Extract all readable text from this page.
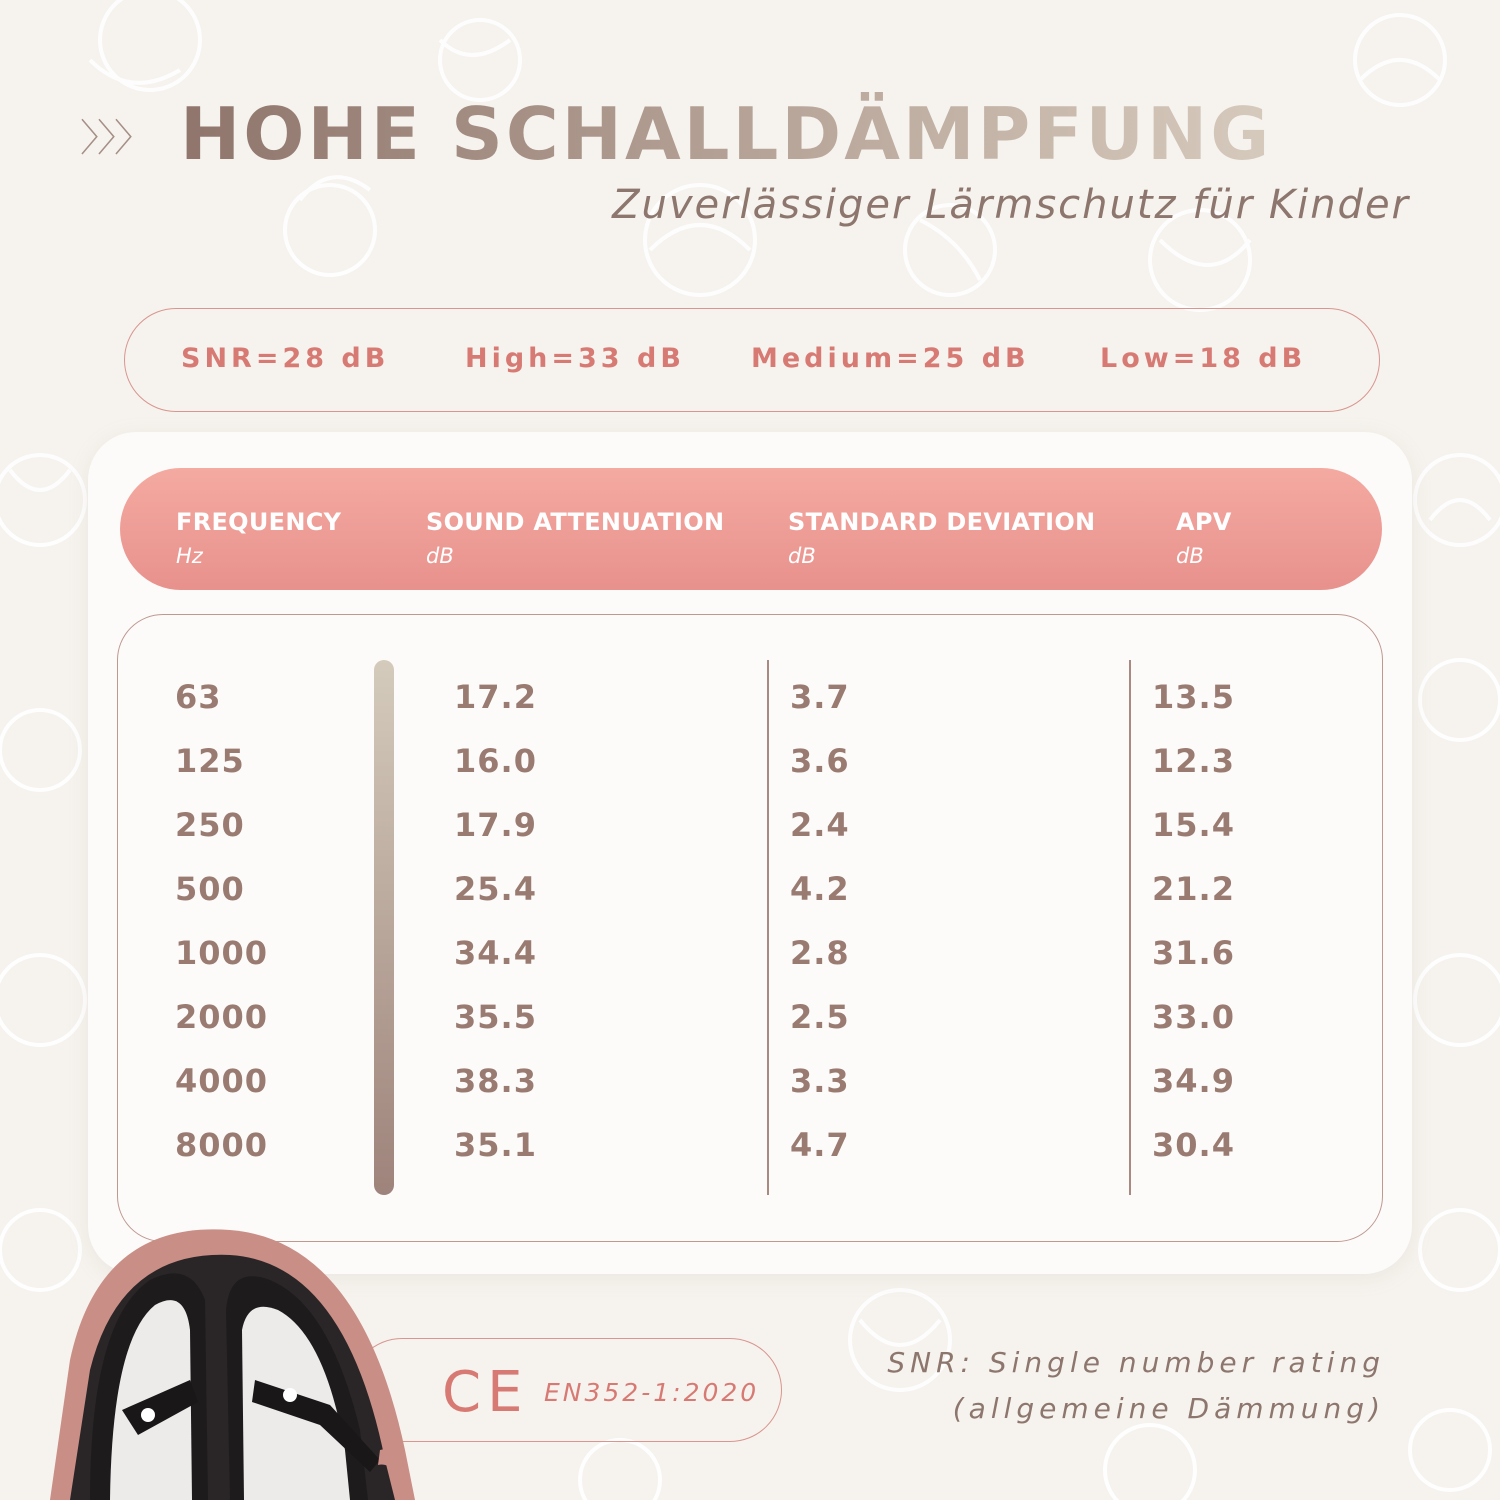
〉〉〉 HOHE SCHALLDÄMPFUNG
Zuverlässiger Lärmschutz für Kinder
SNR=28 dB	High=33 dB Medium=25 dB	Low=18 dB
FREQUENCY
Hz
SOUND ATTENUATION
dB
STANDARD DEVIATION
dB
APV
dB
63	17.2	3.7	13.5
125	16.0	3.6	12.3
250	17.9	2.4	15.4
500	25.4	4.2	21.2
1000	34.4	2.8	31.6
2000	35.5	2.5	33.0
4000	38.3	3.3	34.9
8000	35.1	4.7	30.4
CE EN352-1:2020
SNR: Single number rating
(allgemeine Dämmung)
